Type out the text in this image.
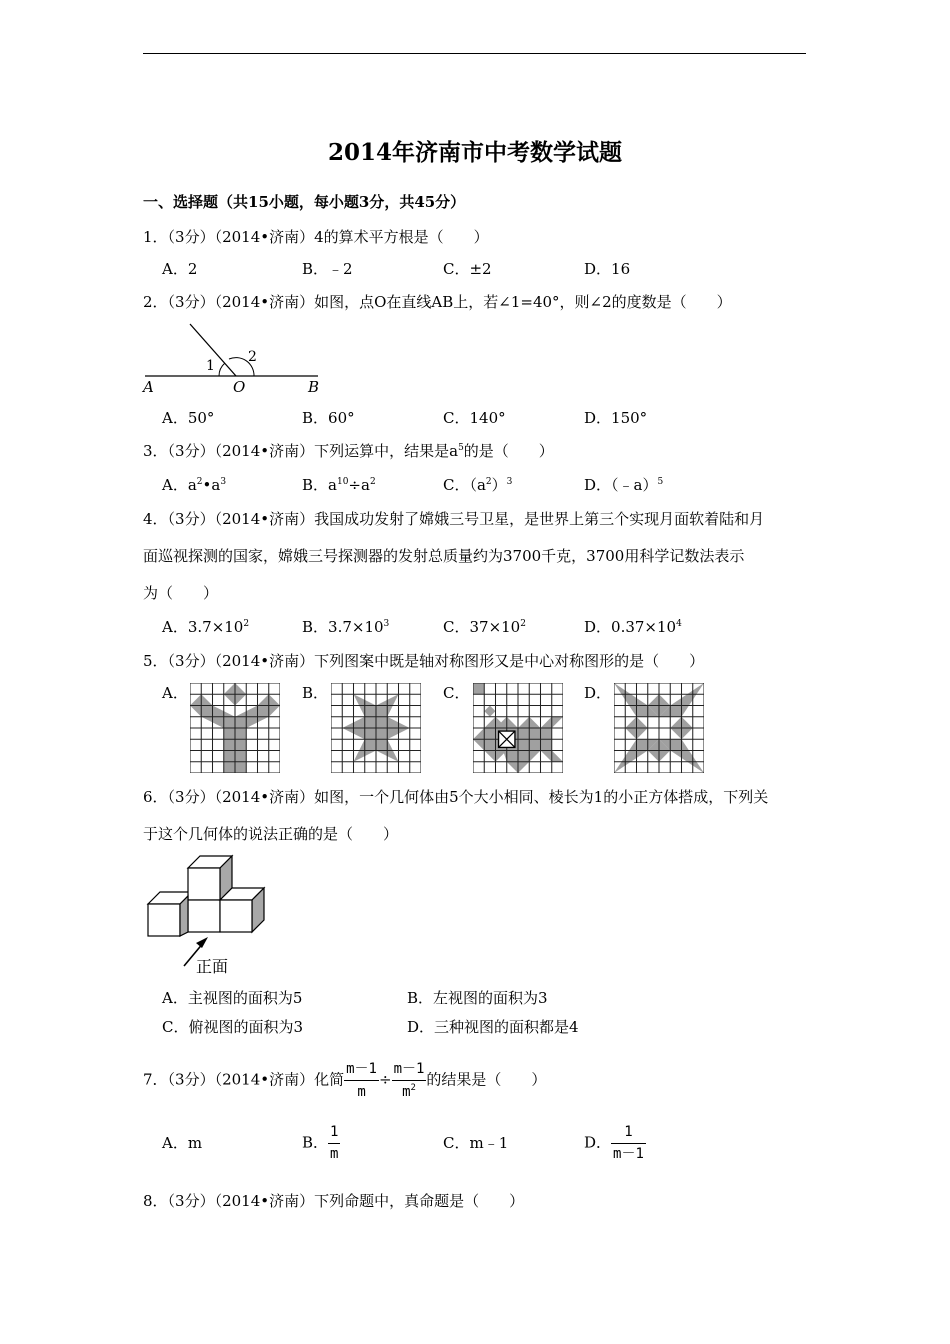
2014年济南市中考数学试题
一、选择题（共15小题，每小题3分，共45分）
1．（3分）（2014•济南）4的算术平方根是（　　）
A．2	B．﹣2	C．±2	D．16
2．（3分）（2014•济南）如图，点O在直线AB上，若∠1=40°，则∠2的度数是（　　）
A	O	B
1
2
A．50°	B．60°	C．140°	D．150°
3．（3分）（2014•济南）下列运算中，结果是$a^5$的是（　　）
A．$a^2•a^3$	B．$a^{10}\div a^2$	C．$(a^2)^3$	D．（﹣a）$^5$
4．（3分）（2014•济南）我国成功发射了嫦娥三号卫星，是世界上第三个实现月面软着陆和月
面巡视探测的国家，嫦娥三号探测器的发射总质量约为3700千克，3700用科学记数法表示
为（　　）
A．$3.7\times 10^2$	B．$3.7\times 10^3$	C．$37\times 10^2$	D．$0.37\times 10^4$
5．（3分）（2014•济南）下列图案中既是轴对称图形又是中心对称图形的是（　　）
A．	B．	C．	D．
6．（3分）（2014•济南）如图，一个几何体由5个大小相同、棱长为1的小正方体搭成，下列关
于这个几何体的说法正确的是（　　）
正面
A．主视图的面积为5	B．左视图的面积为3
C．俯视图的面积为3	D．三种视图的面积都是4
7．（3分）（2014•济南）化简 $\frac{m-1}{m} \div \frac{m-1}{m^2}$ 的结果是（　　）
A．m	B． $\frac{1}{m}$	C．m﹣1	D． $\frac{1}{m-1}$
8．（3分）（2014•济南）下列命题中，真命题是（　　）
